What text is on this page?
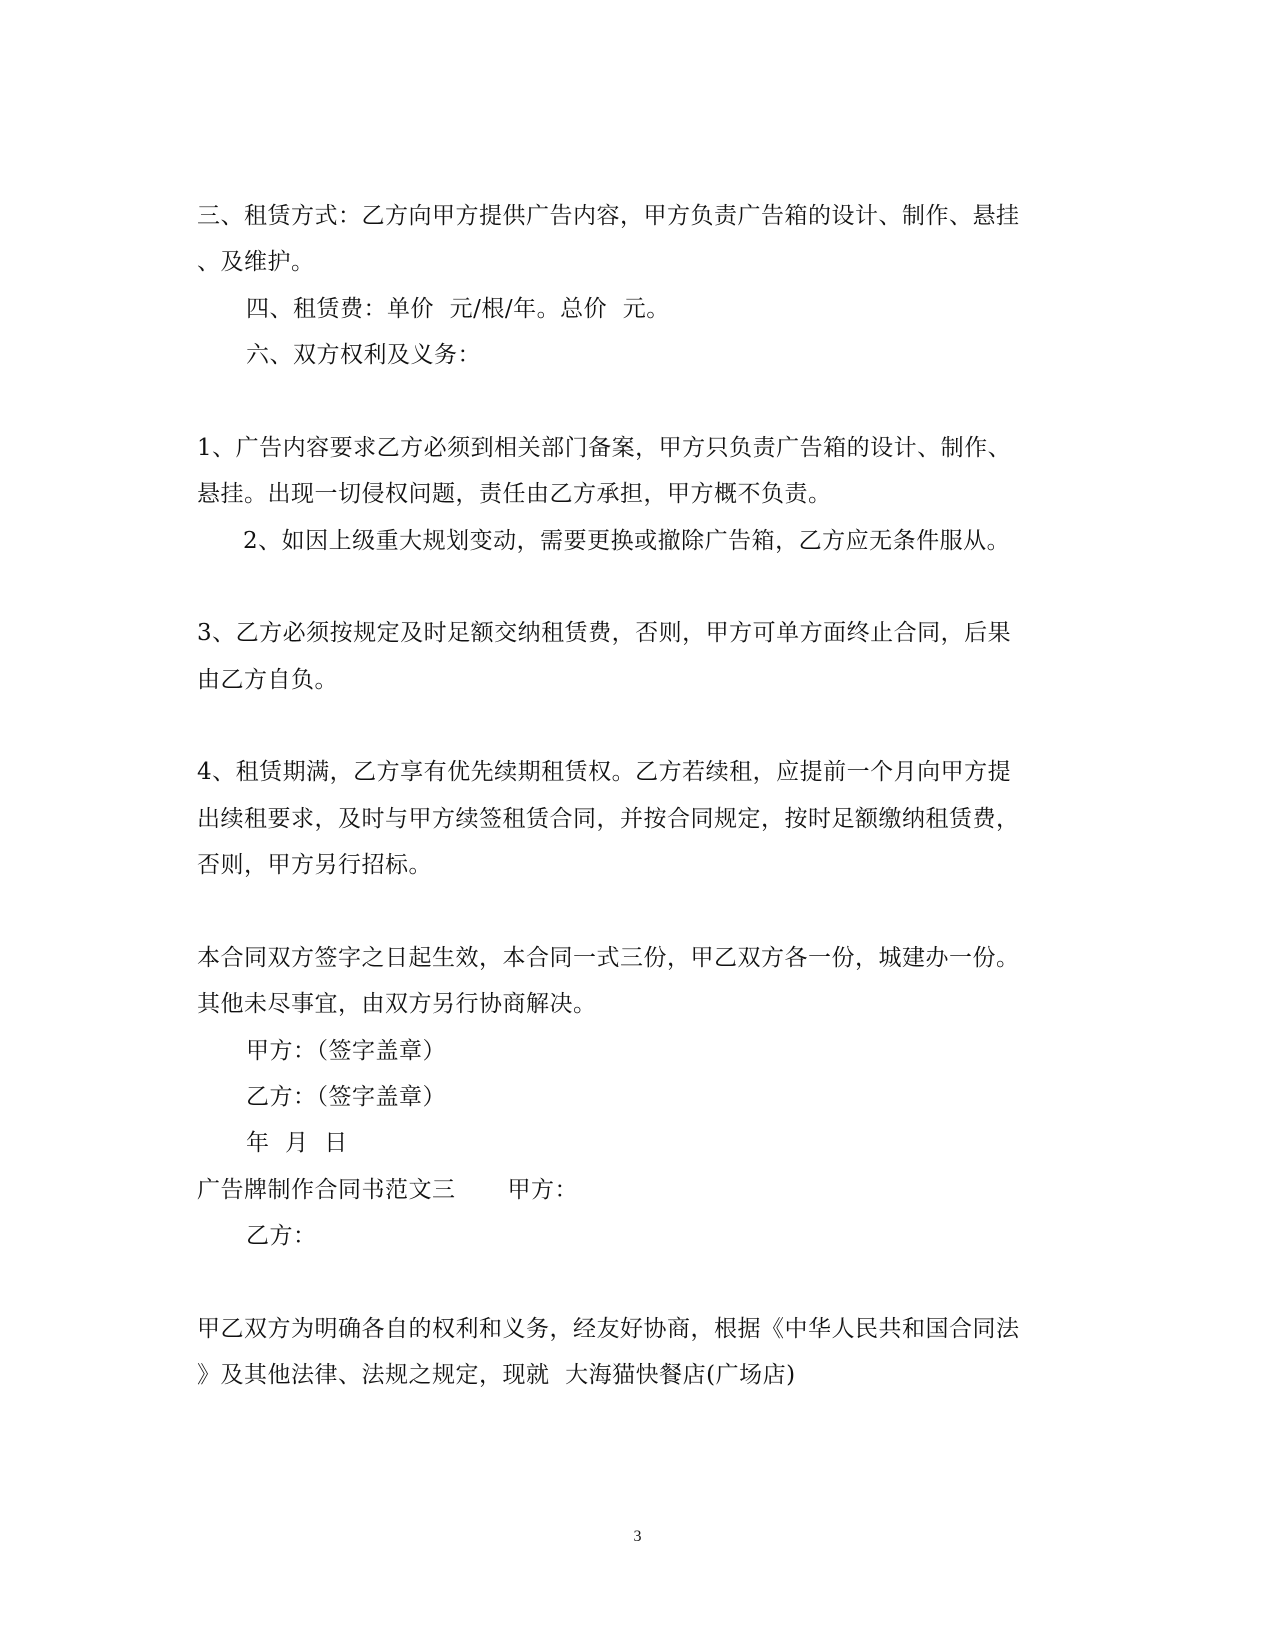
三、租赁方式：乙方向甲方提供广告内容，甲方负责广告箱的设计、制作、悬挂
、及维护。
四、租赁费：单价  元/根/年。总价  元。
六、双方权利及义务：
1、广告内容要求乙方必须到相关部门备案，甲方只负责广告箱的设计、制作、
悬挂。出现一切侵权问题，责任由乙方承担，甲方概不负责。
2、如因上级重大规划变动，需要更换或撤除广告箱，乙方应无条件服从。
3、乙方必须按规定及时足额交纳租赁费，否则，甲方可单方面终止合同，后果
由乙方自负。
4、租赁期满，乙方享有优先续期租赁权。乙方若续租，应提前一个月向甲方提
出续租要求，及时与甲方续签租赁合同，并按合同规定，按时足额缴纳租赁费，
否则，甲方另行招标。
本合同双方签字之日起生效，本合同一式三份，甲乙双方各一份，城建办一份。
其他未尽事宜，由双方另行协商解决。
甲方：（签字盖章）
乙方：（签字盖章）
年  月  日
广告牌制作合同书范文三 甲方：
乙方：
甲乙双方为明确各自的权利和义务，经友好协商，根据《中华人民共和国合同法
》及其他法律、法规之规定，现就  大海猫快餐店(广场店)
3
